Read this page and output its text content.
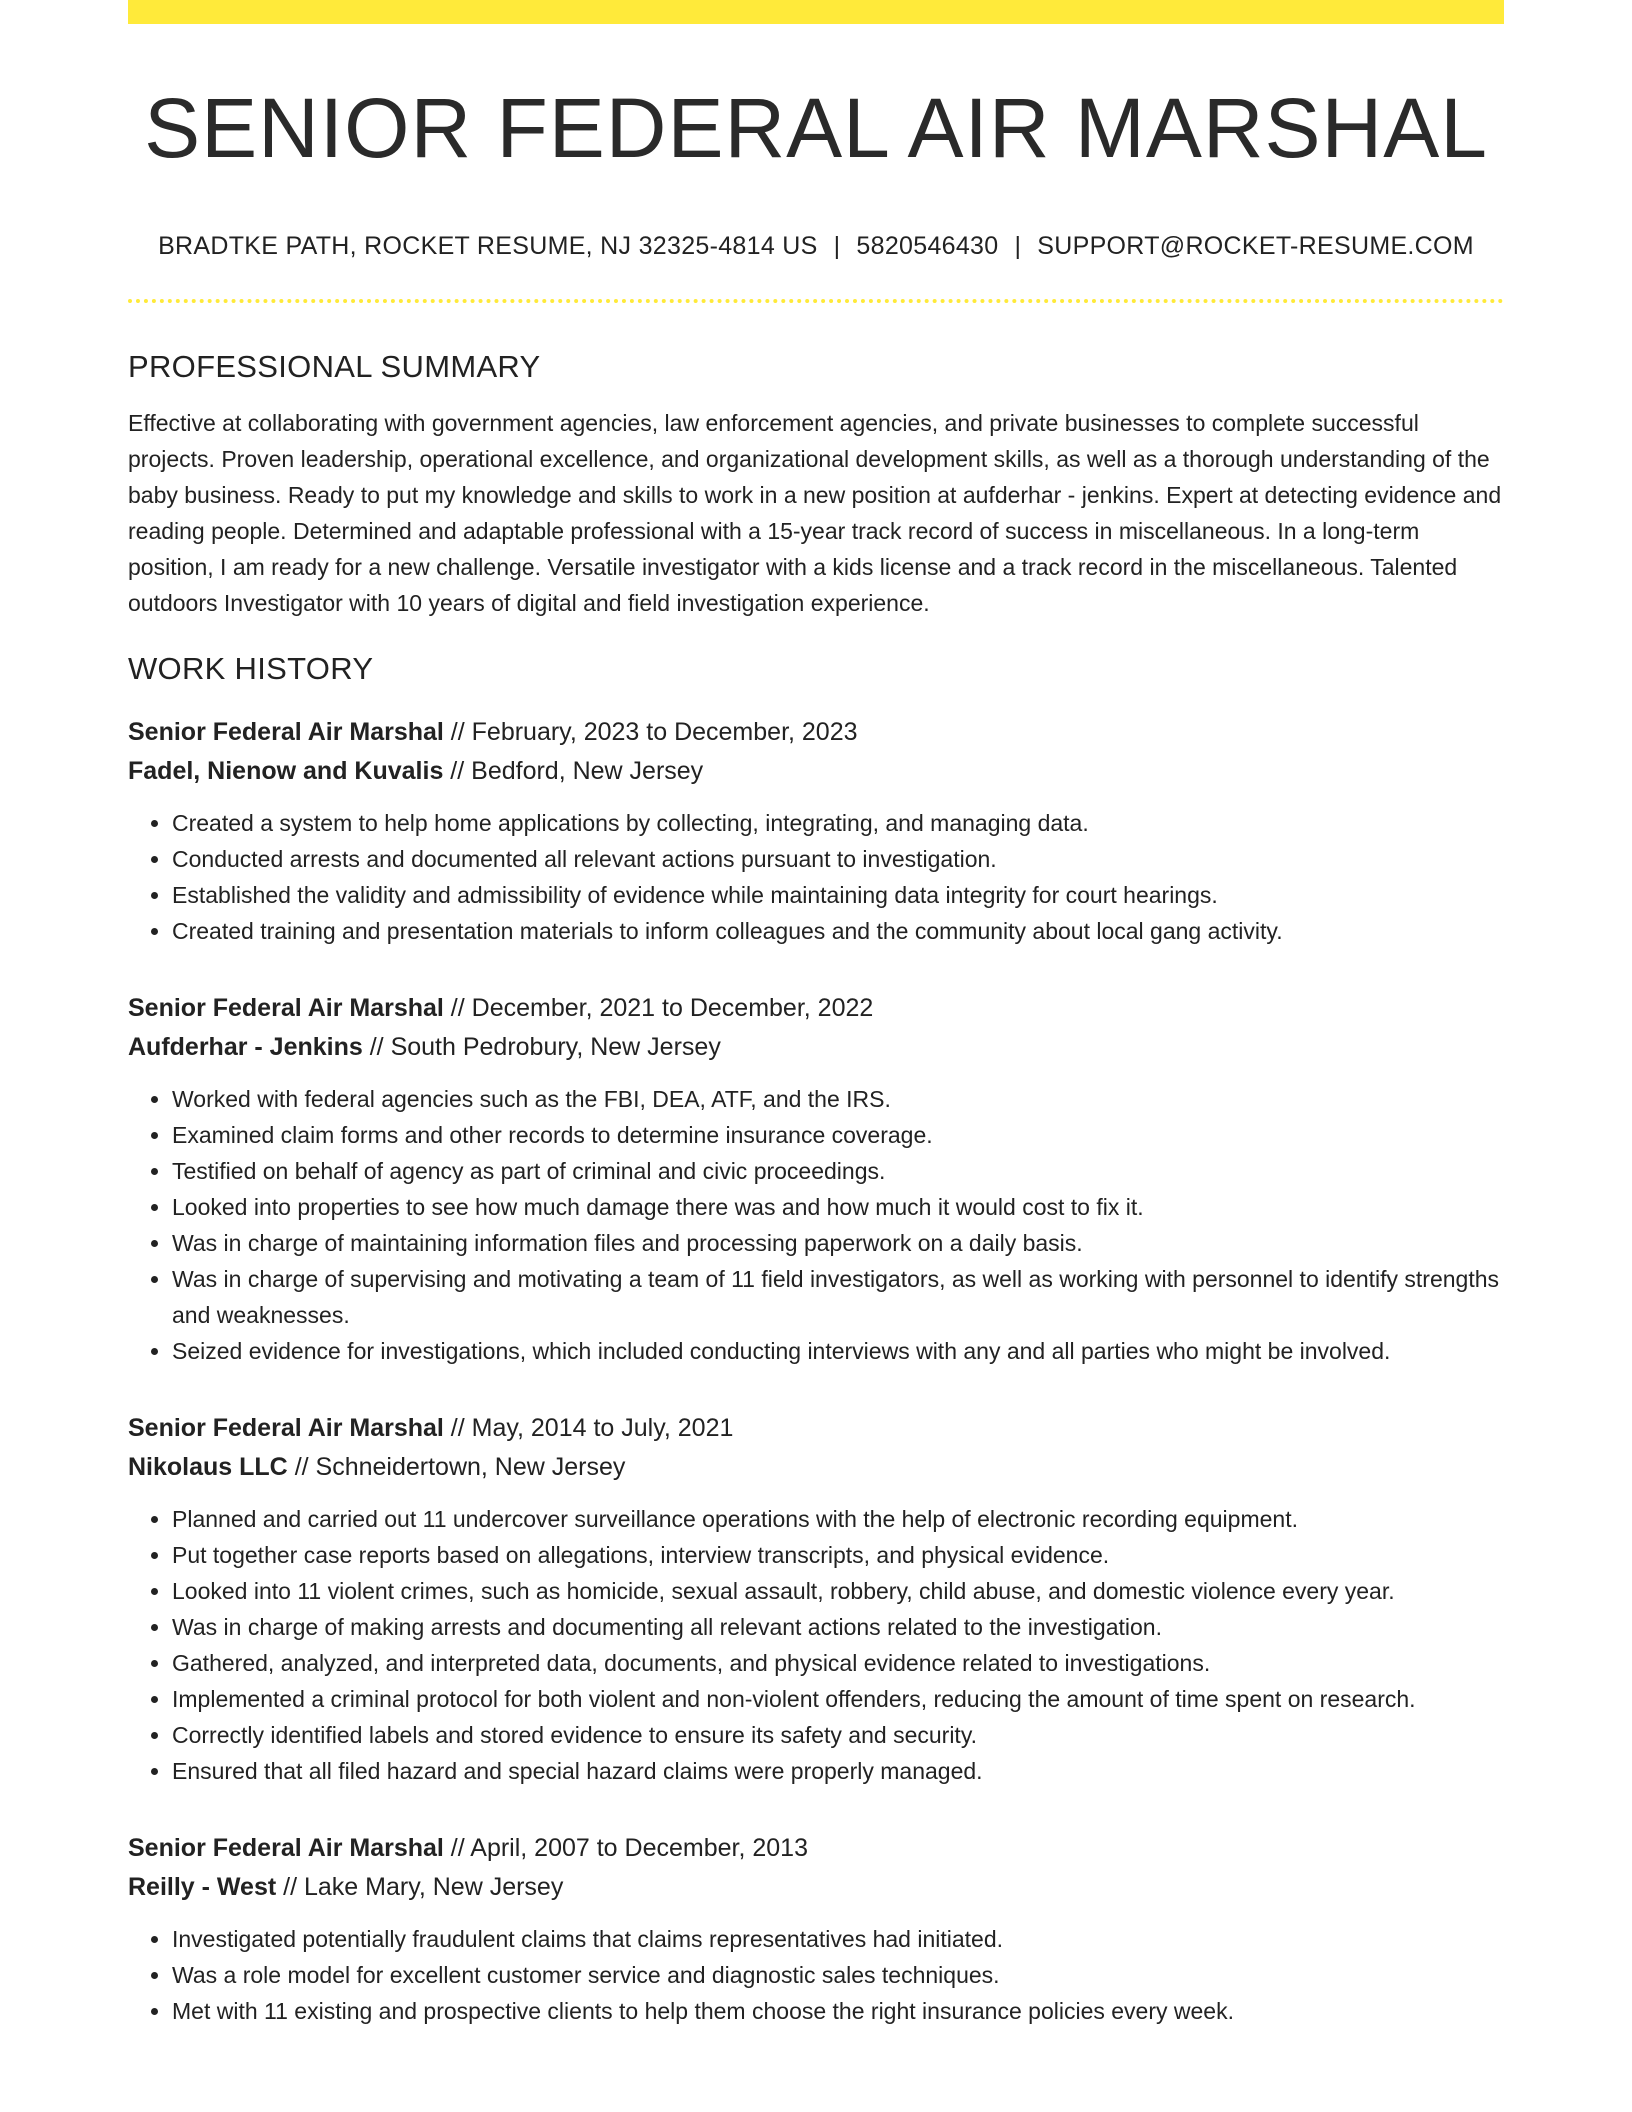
SENIOR FEDERAL AIR MARSHAL
BRADTKE PATH, ROCKET RESUME, NJ 32325-4814 US | 5820546430 | SUPPORT@ROCKET-RESUME.COM
PROFESSIONAL SUMMARY
Effective at collaborating with government agencies, law enforcement agencies, and private businesses to complete successful projects. Proven leadership, operational excellence, and organizational development skills, as well as a thorough understanding of the baby business. Ready to put my knowledge and skills to work in a new position at aufderhar - jenkins. Expert at detecting evidence and reading people. Determined and adaptable professional with a 15-year track record of success in miscellaneous. In a long-term position, I am ready for a new challenge. Versatile investigator with a kids license and a track record in the miscellaneous. Talented outdoors Investigator with 10 years of digital and field investigation experience.
WORK HISTORY
Senior Federal Air Marshal // February, 2023 to December, 2023
Fadel, Nienow and Kuvalis // Bedford, New Jersey
• Created a system to help home applications by collecting, integrating, and managing data.
• Conducted arrests and documented all relevant actions pursuant to investigation.
• Established the validity and admissibility of evidence while maintaining data integrity for court hearings.
• Created training and presentation materials to inform colleagues and the community about local gang activity.
Senior Federal Air Marshal // December, 2021 to December, 2022
Aufderhar - Jenkins // South Pedrobury, New Jersey
• Worked with federal agencies such as the FBI, DEA, ATF, and the IRS.
• Examined claim forms and other records to determine insurance coverage.
• Testified on behalf of agency as part of criminal and civic proceedings.
• Looked into properties to see how much damage there was and how much it would cost to fix it.
• Was in charge of maintaining information files and processing paperwork on a daily basis.
• Was in charge of supervising and motivating a team of 11 field investigators, as well as working with personnel to identify strengths and weaknesses.
• Seized evidence for investigations, which included conducting interviews with any and all parties who might be involved.
Senior Federal Air Marshal // May, 2014 to July, 2021
Nikolaus LLC // Schneidertown, New Jersey
• Planned and carried out 11 undercover surveillance operations with the help of electronic recording equipment.
• Put together case reports based on allegations, interview transcripts, and physical evidence.
• Looked into 11 violent crimes, such as homicide, sexual assault, robbery, child abuse, and domestic violence every year.
• Was in charge of making arrests and documenting all relevant actions related to the investigation.
• Gathered, analyzed, and interpreted data, documents, and physical evidence related to investigations.
• Implemented a criminal protocol for both violent and non-violent offenders, reducing the amount of time spent on research.
• Correctly identified labels and stored evidence to ensure its safety and security.
• Ensured that all filed hazard and special hazard claims were properly managed.
Senior Federal Air Marshal // April, 2007 to December, 2013
Reilly - West // Lake Mary, New Jersey
• Investigated potentially fraudulent claims that claims representatives had initiated.
• Was a role model for excellent customer service and diagnostic sales techniques.
• Met with 11 existing and prospective clients to help them choose the right insurance policies every week.
